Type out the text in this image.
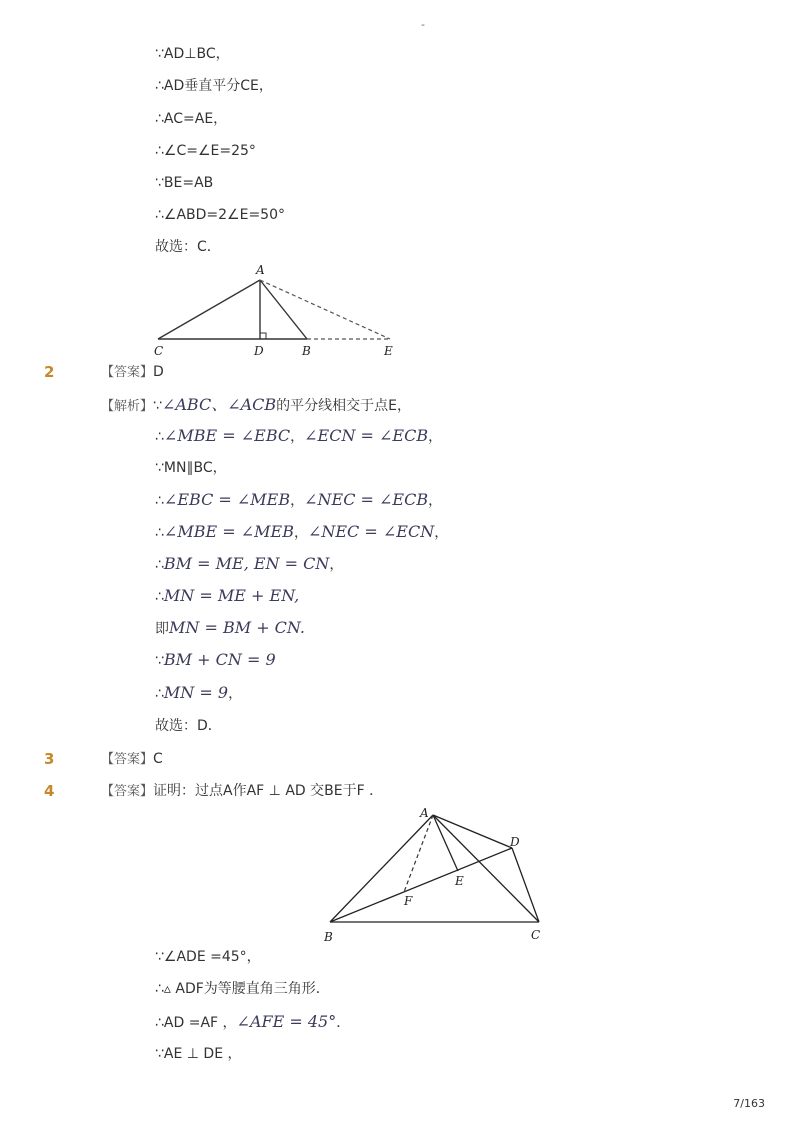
-
∵AD⊥BC，
∴AD垂直平分CE，
∴AC=AE，
∴∠C=∠E=25°
∵BE=AB
∴∠ABD=2∠E=50°
故选：C．
A
C	D	B	E
2	【答案】D
【解析】∵∠ABC、∠ACB的平分线相交于点E，
∴∠MBE = ∠EBC，∠ECN = ∠ECB，
∵MN∥BC，
∴∠EBC = ∠MEB，∠NEC = ∠ECB，
∴∠MBE = ∠MEB，∠NEC = ∠ECN，
∴BM = ME, EN = CN，
∴MN = ME + EN,
即MN = BM + CN.
∵BM + CN = 9
∴MN = 9，
故选：D．
3	【答案】C
4	【答案】证明：过点A作AF ⊥ AD 交BE于F ．
A
D
E
F
B	C
∵∠ADE =45°，
∴▵ ADF为等腰直角三角形．
∴AD =AF ，∠AFE = 45°．
∵AE ⊥ DE ，
7/163
